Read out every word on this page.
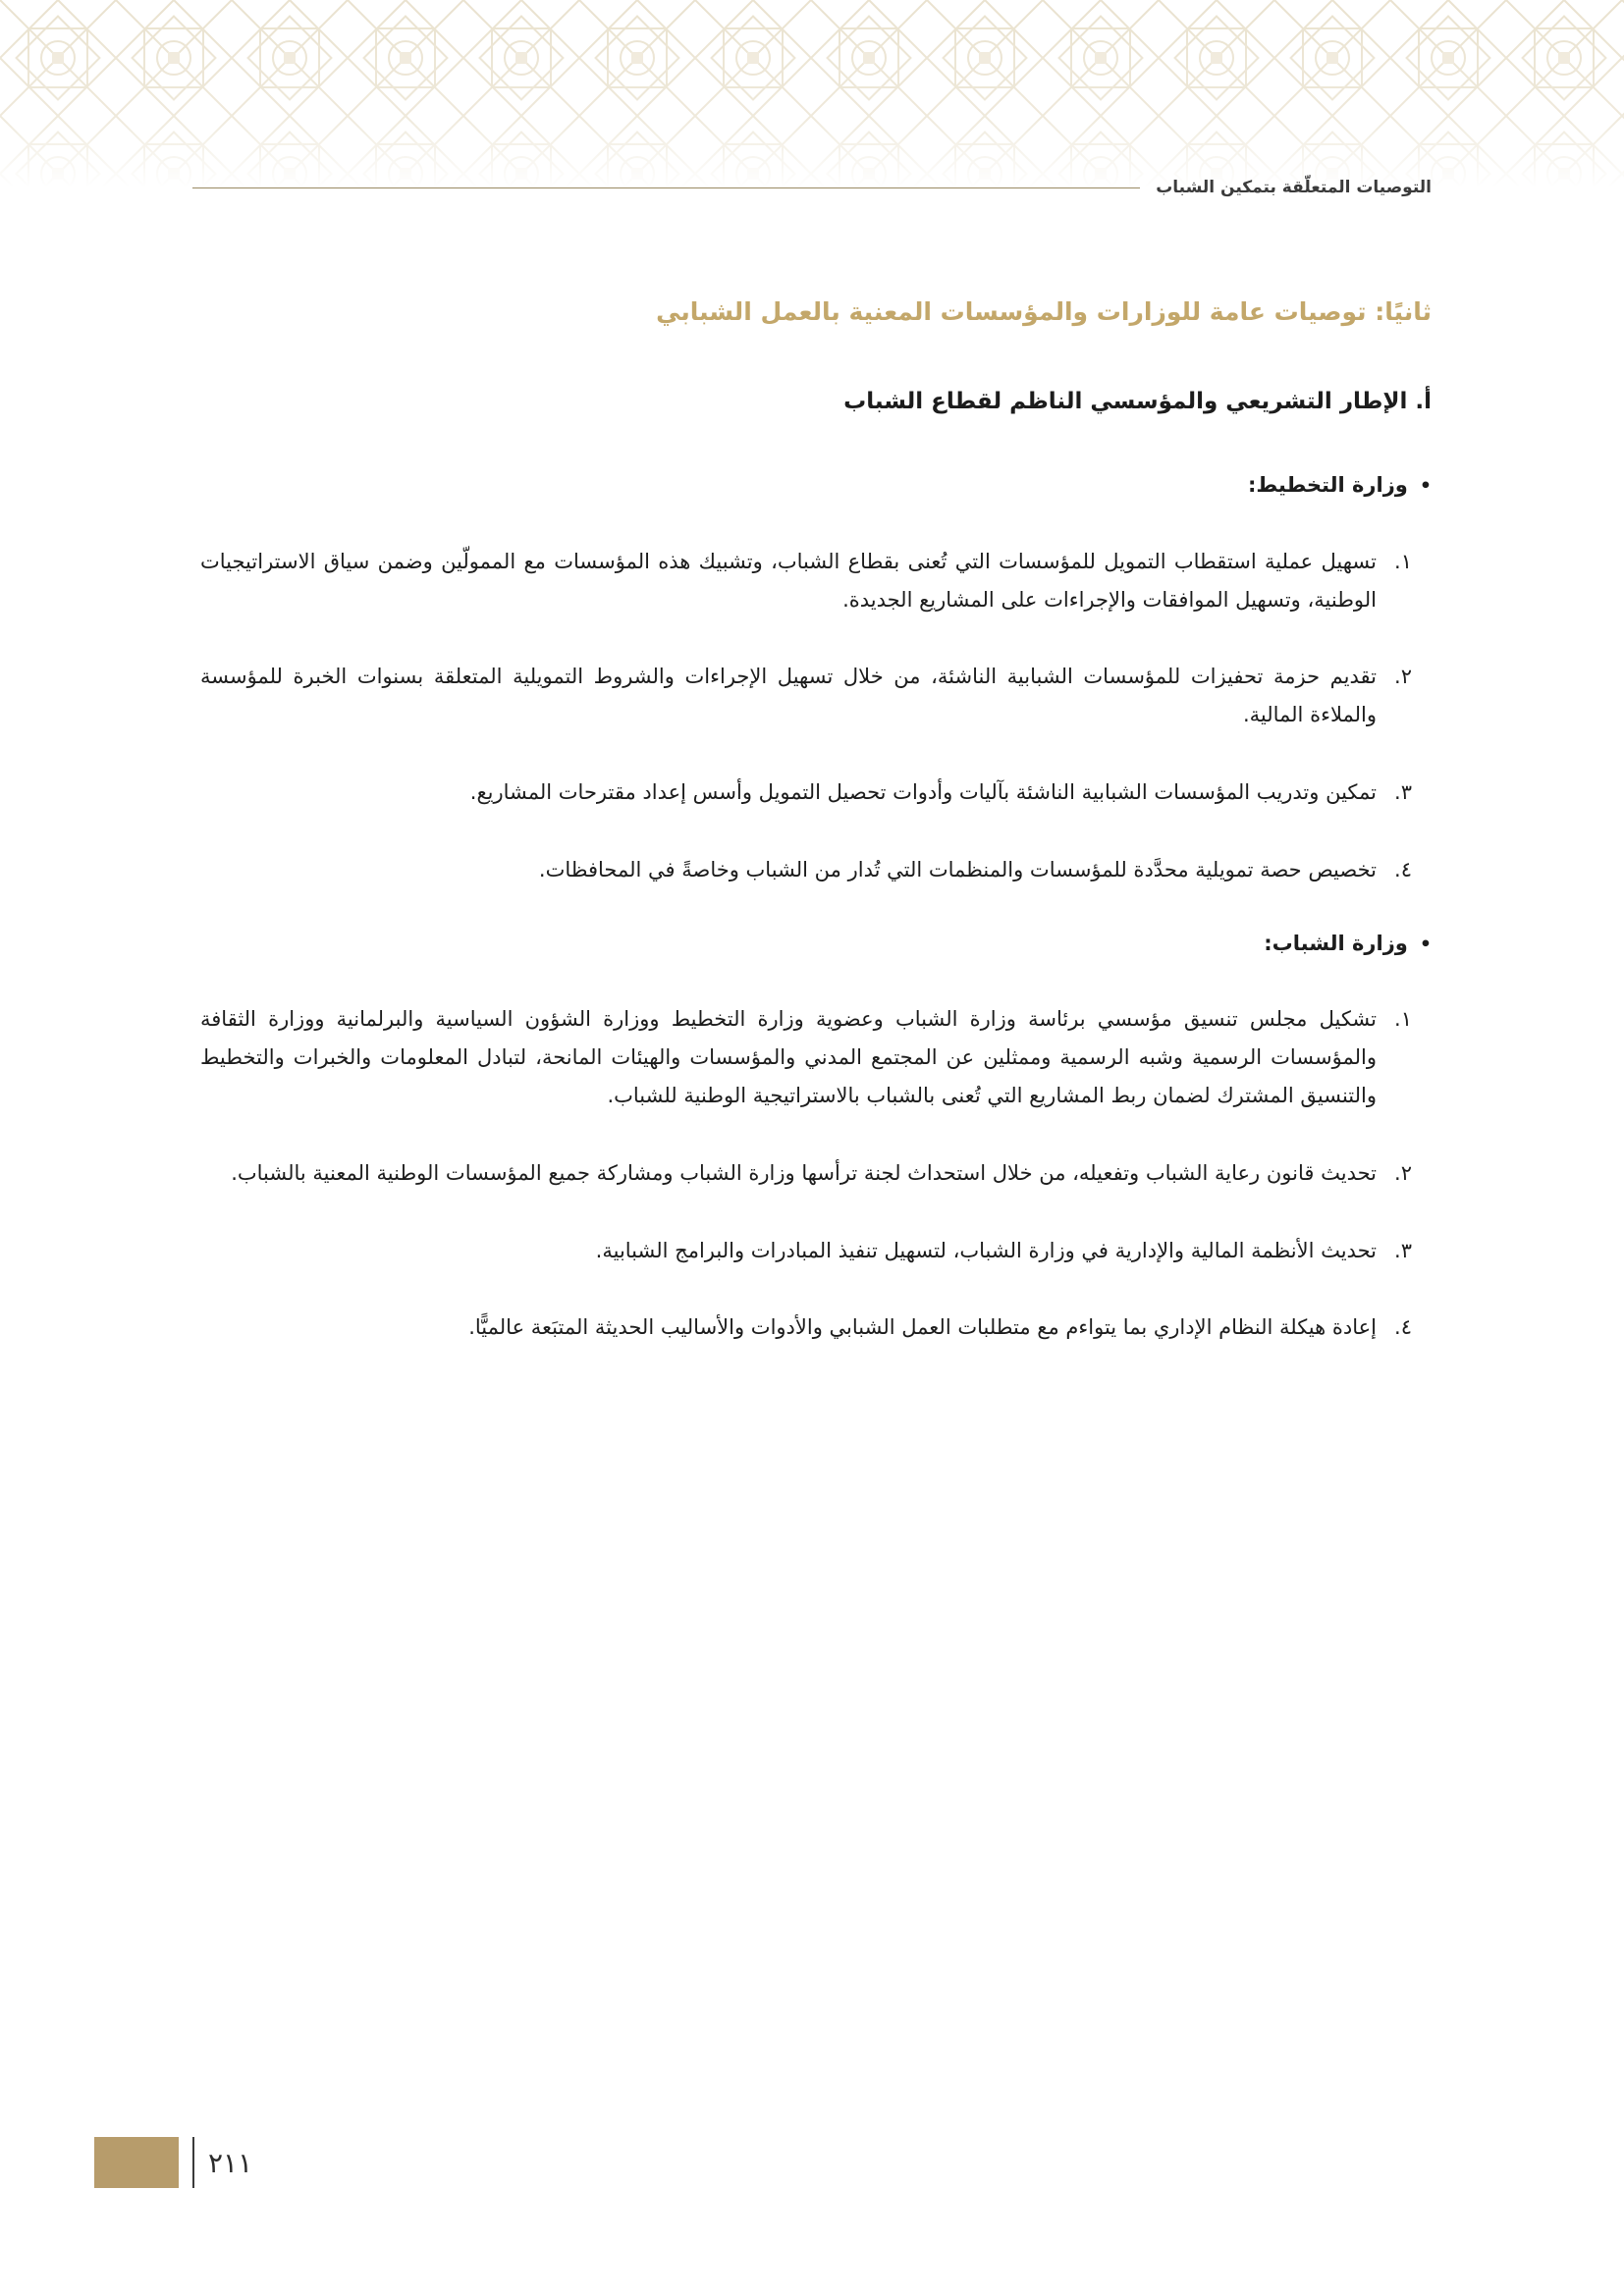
التوصيات المتعلّقة بتمكين الشباب
ثانيًا: توصيات عامة للوزارات والمؤسسات المعنية بالعمل الشبابي
أ. الإطار التشريعي والمؤسسي الناظم لقطاع الشباب
•
وزارة التخطيط:
١.
تسهيل عملية استقطاب التمويل للمؤسسات التي تُعنى بقطاع الشباب، وتشبيك هذه المؤسسات مع الممولّين وضمن سياق الاستراتيجيات الوطنية، وتسهيل الموافقات والإجراءات على المشاريع الجديدة.
٢.
تقديم حزمة تحفيزات للمؤسسات الشبابية الناشئة، من خلال تسهيل الإجراءات والشروط التمويلية المتعلقة بسنوات الخبرة للمؤسسة والملاءة المالية.
٣.
تمكين وتدريب المؤسسات الشبابية الناشئة بآليات وأدوات تحصيل التمويل وأسس إعداد مقترحات المشاريع.
٤.
تخصيص حصة تمويلية محدَّدة للمؤسسات والمنظمات التي تُدار من الشباب وخاصةً في المحافظات.
•
وزارة الشباب:
١.
تشكيل مجلس تنسيق مؤسسي برئاسة وزارة الشباب وعضوية وزارة التخطيط ووزارة الشؤون السياسية والبرلمانية ووزارة الثقافة والمؤسسات الرسمية وشبه الرسمية وممثلين عن المجتمع المدني والمؤسسات والهيئات المانحة، لتبادل المعلومات والخبرات والتخطيط والتنسيق المشترك لضمان ربط المشاريع التي تُعنى بالشباب بالاستراتيجية الوطنية للشباب.
٢.
تحديث قانون رعاية الشباب وتفعيله، من خلال استحداث لجنة ترأسها وزارة الشباب ومشاركة جميع المؤسسات الوطنية المعنية بالشباب.
٣.
تحديث الأنظمة المالية والإدارية في وزارة الشباب، لتسهيل تنفيذ المبادرات والبرامج الشبابية.
٤.
إعادة هيكلة النظام الإداري بما يتواءم مع متطلبات العمل الشبابي والأدوات والأساليب الحديثة المتبَعة عالميًّا.
٢١١
